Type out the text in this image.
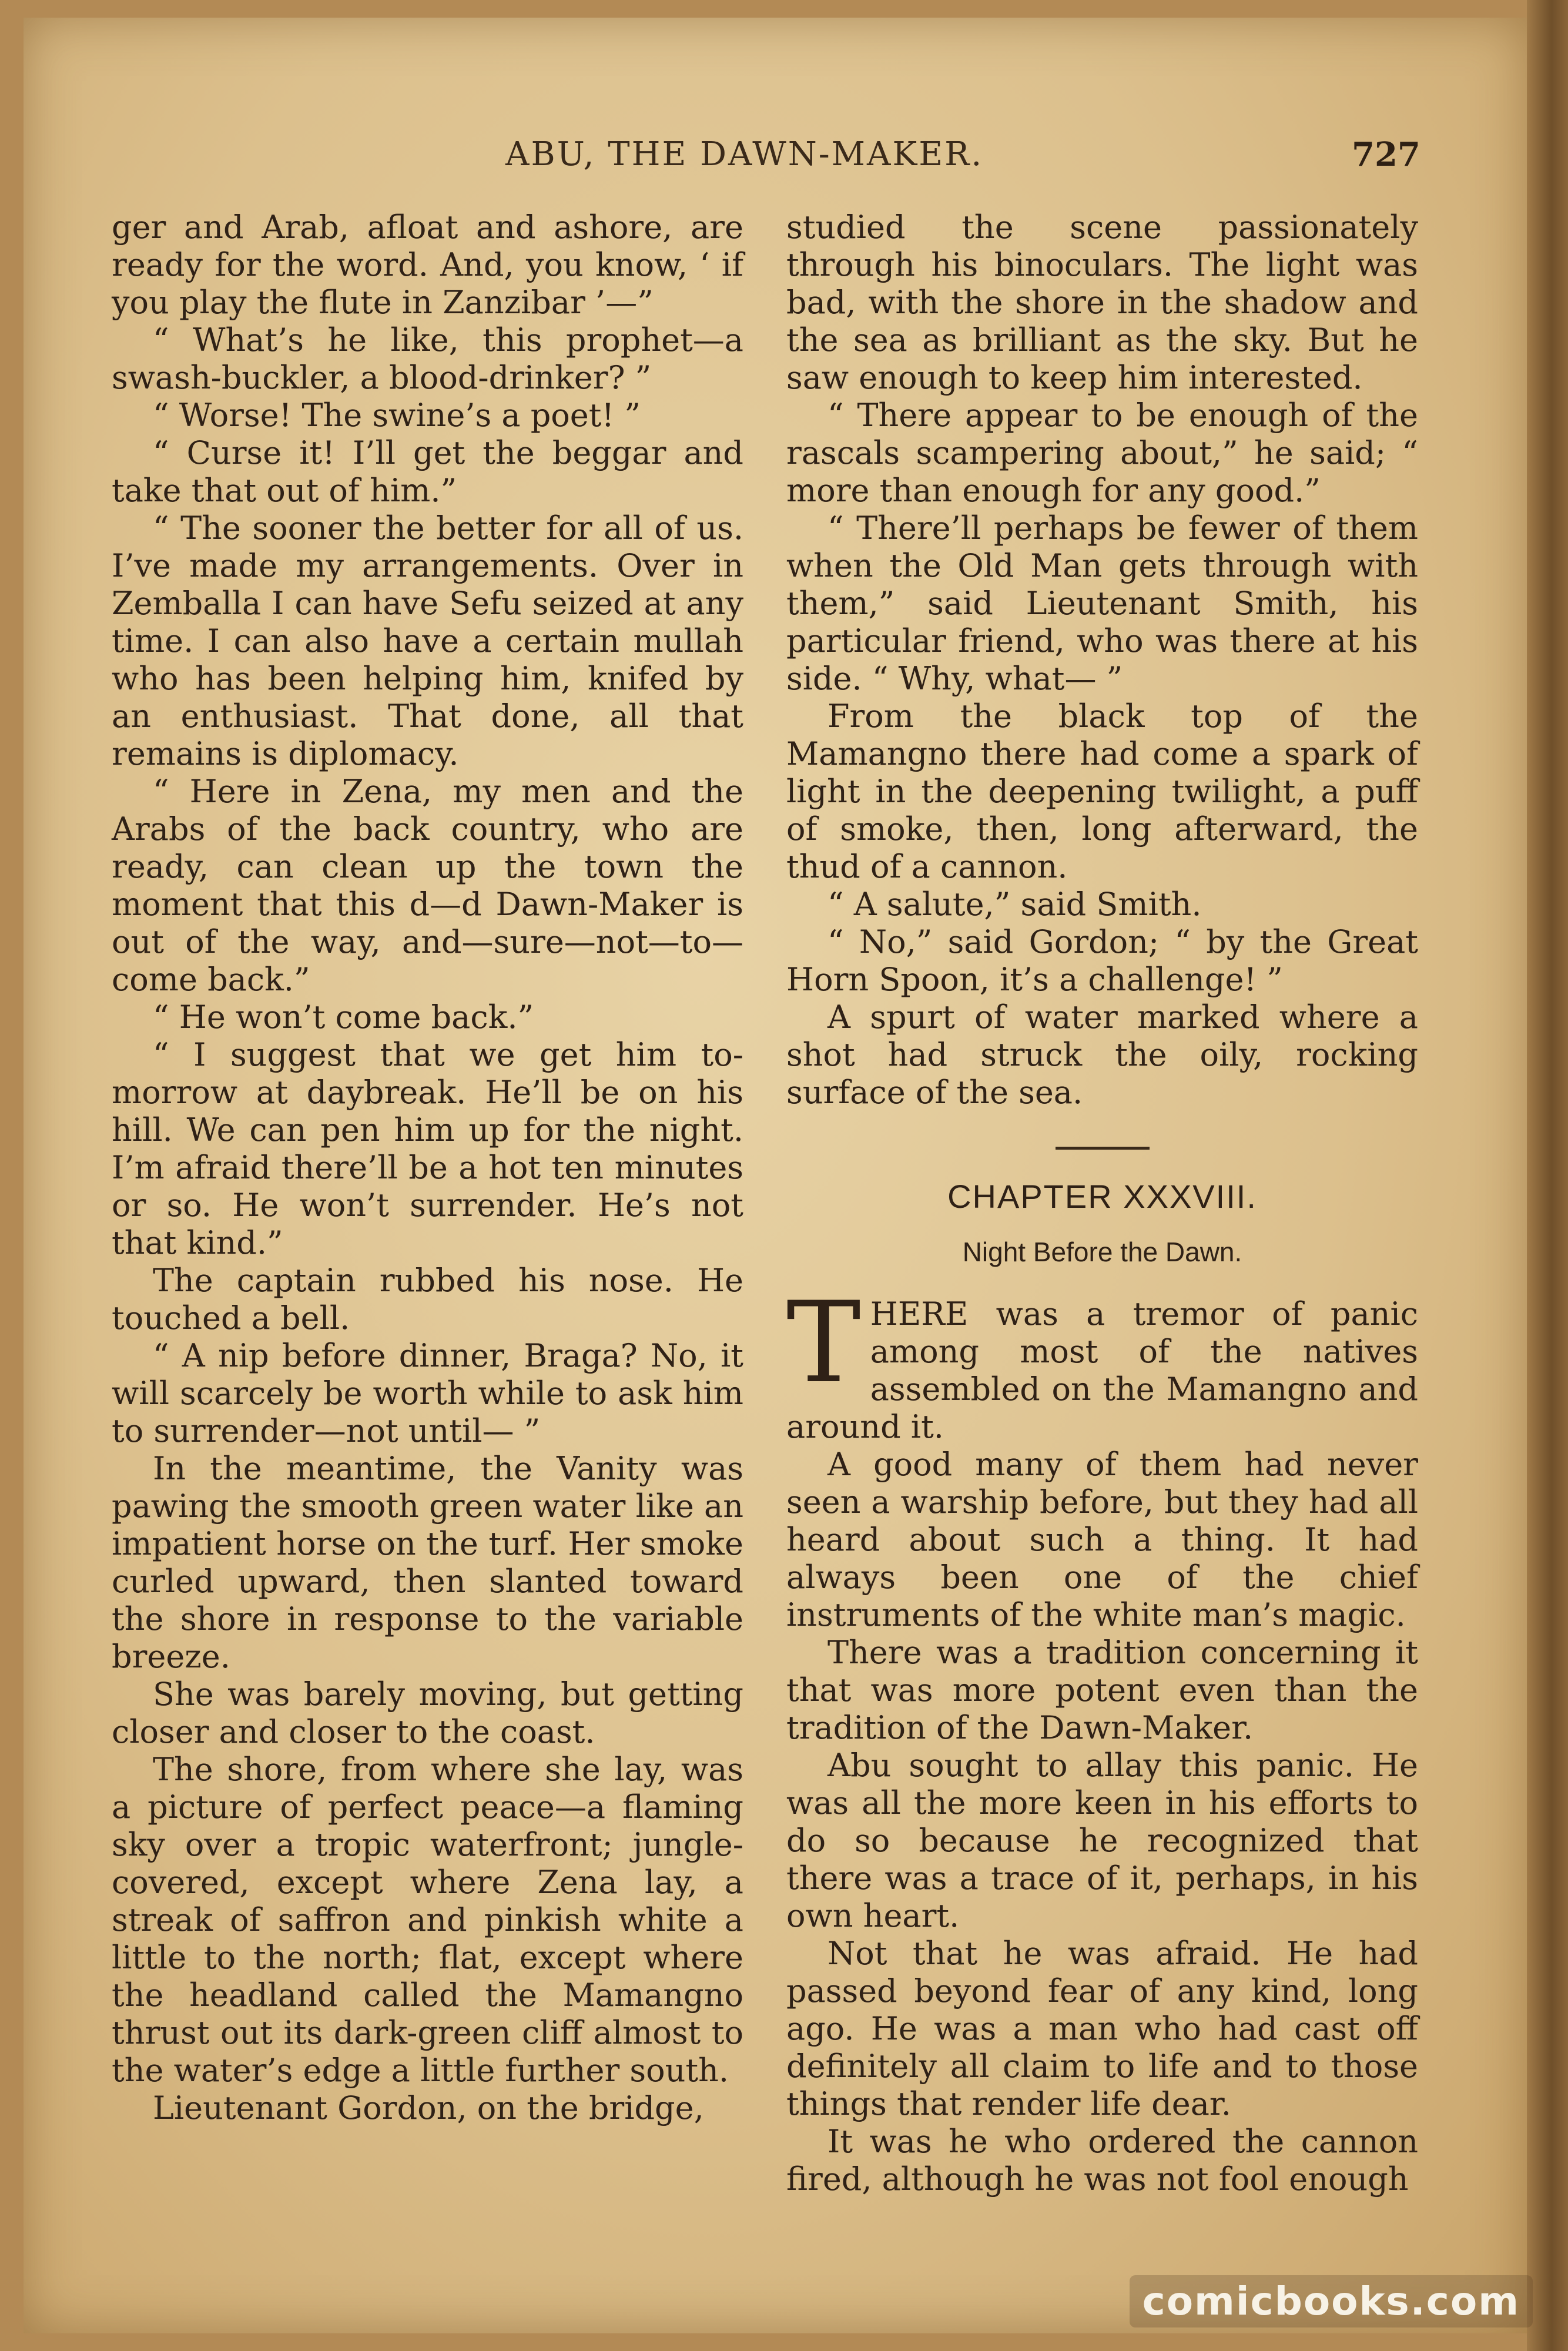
ABU, THE DAWN-MAKER.	727

ger and Arab, afloat and ashore, are ready for the word. And, you know, ‘ if you play the flute in Zanzibar ’—”

“ What’s he like, this prophet—a swash-buckler, a blood-drinker? ”

“ Worse! The swine’s a poet! ”

“ Curse it! I’ll get the beggar and take that out of him.”

“ The sooner the better for all of us. I’ve made my arrangements. Over in Zemballa I can have Sefu seized at any time. I can also have a certain mullah who has been helping him, knifed by an enthusiast. That done, all that remains is diplomacy.

“ Here in Zena, my men and the Arabs of the back country, who are ready, can clean up the town the moment that this d—d Dawn-Maker is out of the way, and—sure—not—to—come back.”

“ He won’t come back.”

“ I suggest that we get him to-morrow at daybreak. He’ll be on his hill. We can pen him up for the night. I’m afraid there’ll be a hot ten minutes or so. He won’t surrender. He’s not that kind.”

The captain rubbed his nose. He touched a bell.

“ A nip before dinner, Braga? No, it will scarcely be worth while to ask him to surrender—not until— ”

In the meantime, the Vanity was pawing the smooth green water like an impatient horse on the turf. Her smoke curled upward, then slanted toward the shore in response to the variable breeze.

She was barely moving, but getting closer and closer to the coast.

The shore, from where she lay, was a picture of perfect peace—a flaming sky over a tropic waterfront; jungle-covered, except where Zena lay, a streak of saffron and pinkish white a little to the north; flat, except where the headland called the Mamangno thrust out its dark-green cliff almost to the water’s edge a little further south.

Lieutenant Gordon, on the bridge,

studied the scene passionately through his binoculars. The light was bad, with the shore in the shadow and the sea as brilliant as the sky. But he saw enough to keep him interested.

“ There appear to be enough of the rascals scampering about,” he said; “ more than enough for any good.”

“ There’ll perhaps be fewer of them when the Old Man gets through with them,” said Lieutenant Smith, his particular friend, who was there at his side. “ Why, what— ”

From the black top of the Mamangno there had come a spark of light in the deepening twilight, a puff of smoke, then, long afterward, the thud of a cannon.

“ A salute,” said Smith.

“ No,” said Gordon; “ by the Great Horn Spoon, it’s a challenge! ”

A spurt of water marked where a shot had struck the oily, rocking surface of the sea.

CHAPTER XXXVIII.
Night Before the Dawn.

THERE was a tremor of panic among most of the natives assembled on the Mamangno and around it.

A good many of them had never seen a warship before, but they had all heard about such a thing. It had always been one of the chief instruments of the white man’s magic.

There was a tradition concerning it that was more potent even than the tradition of the Dawn-Maker.

Abu sought to allay this panic. He was all the more keen in his efforts to do so because he recognized that there was a trace of it, perhaps, in his own heart.

Not that he was afraid. He had passed beyond fear of any kind, long ago. He was a man who had cast off definitely all claim to life and to those things that render life dear.

It was he who ordered the cannon fired, although he was not fool enough

comicbooks.com
